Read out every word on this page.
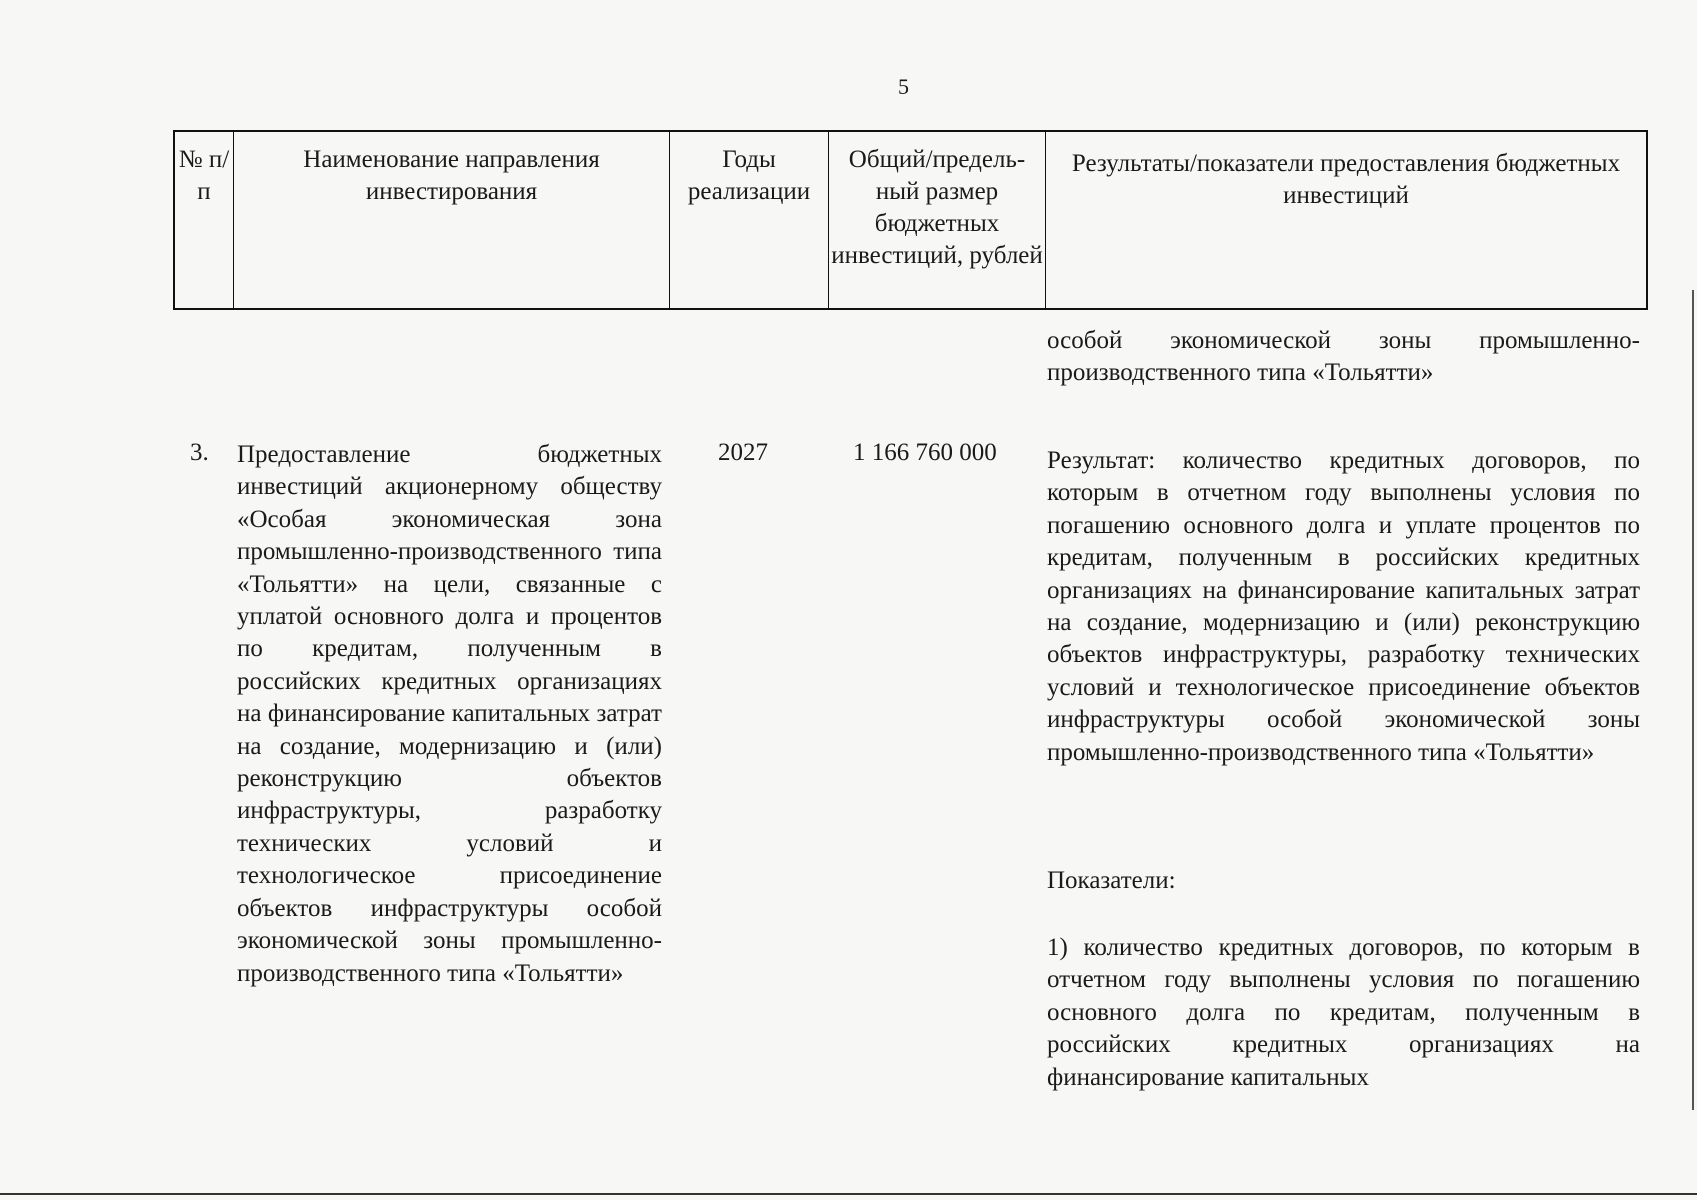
5
№ п/п
Наименование направления инвестирования
Годы реализации
Общий/предель-ный размер бюджетных инвестиций, рублей
Результаты/показатели предоставления бюджетных инвестиций
особой экономической зоны промышленно-производственного типа «Тольятти»
3. Предоставление бюджетных инвестиций акционерному обществу «Особая экономическая зона промышленно-производственного типа «Тольятти» на цели, связанные с уплатой основного долга и процентов по кредитам, полученным в российских кредитных организациях на финансирование капитальных затрат на создание, модернизацию и (или) реконструкцию объектов инфраструктуры, разработку технических условий и технологическое присоединение объектов инфраструктуры особой экономической зоны промышленно-производственного типа «Тольятти»
2027	1 166 760 000 Результат: количество кредитных договоров, по которым в отчетном году выполнены условия по погашению основного долга и уплате процентов по кредитам, полученным в российских кредитных организациях на финансирование капитальных затрат на создание, модернизацию и (или) реконструкцию объектов инфраструктуры, разработку технических условий и технологическое присоединение объектов инфраструктуры особой экономической зоны промышленно-производственного типа «Тольятти»
Показатели:
1) количество кредитных договоров, по которым в отчетном году выполнены условия по погашению основного долга по кредитам, полученным в российских кредитных организациях на финансирование капитальных
